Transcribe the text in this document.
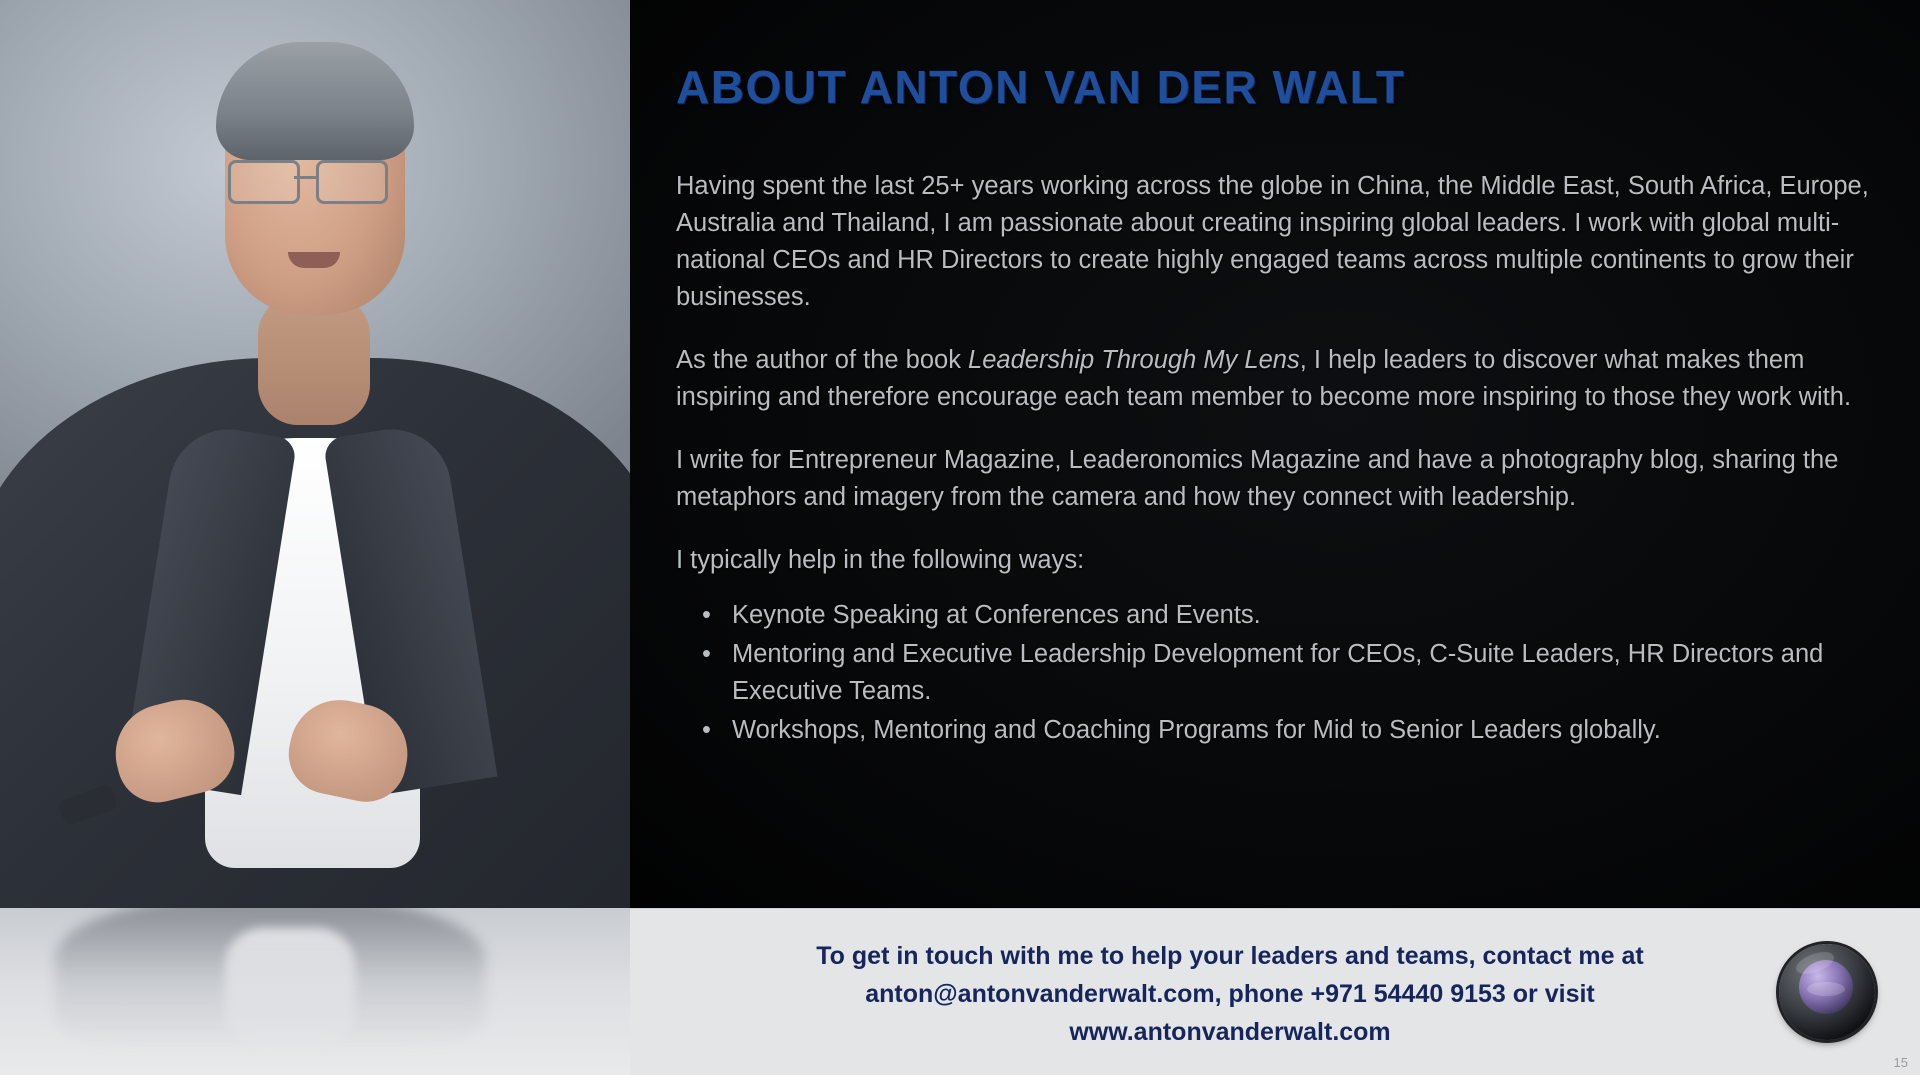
ABOUT ANTON VAN DER WALT

Having spent the last 25+ years working across the globe in China, the Middle East, South Africa, Europe, Australia and Thailand, I am passionate about creating inspiring global leaders. I work with global multi-national CEOs and HR Directors to create highly engaged teams across multiple continents to grow their businesses.

As the author of the book Leadership Through My Lens, I help leaders to discover what makes them inspiring and therefore encourage each team member to become more inspiring to those they work with.

I write for Entrepreneur Magazine, Leaderonomics Magazine and have a photography blog, sharing the metaphors and imagery from the camera and how they connect with leadership.

I typically help in the following ways:

• Keynote Speaking at Conferences and Events.
• Mentoring and Executive Leadership Development for CEOs, C-Suite Leaders, HR Directors and Executive Teams.
• Workshops, Mentoring and Coaching Programs for Mid to Senior Leaders globally.
To get in touch with me to help your leaders and teams, contact me at
anton@antonvanderwalt.com, phone +971 54440 9153 or visit
www.antonvanderwalt.com
15
